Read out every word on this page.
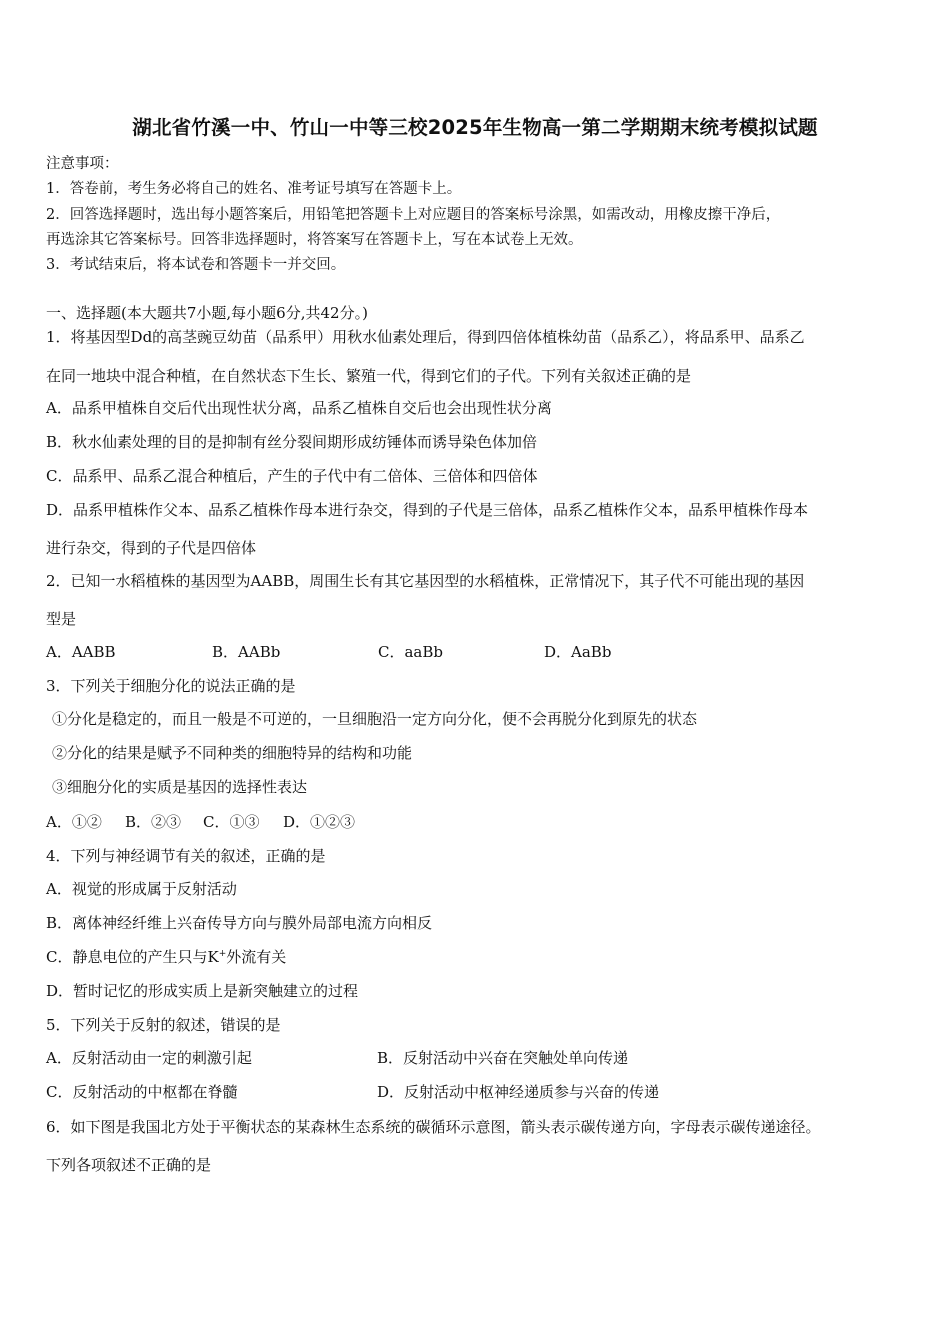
湖北省竹溪一中、竹山一中等三校2025年生物高一第二学期期末统考模拟试题
注意事项：
1．答卷前，考生务必将自己的姓名、准考证号填写在答题卡上。
2．回答选择题时，选出每小题答案后，用铅笔把答题卡上对应题目的答案标号涂黑，如需改动，用橡皮擦干净后，
再选涂其它答案标号。回答非选择题时，将答案写在答题卡上，写在本试卷上无效。
3．考试结束后，将本试卷和答题卡一并交回。
一、选择题(本大题共7小题,每小题6分,共42分。)
1．将基因型Dd的高茎豌豆幼苗（品系甲）用秋水仙素处理后，得到四倍体植株幼苗（品系乙），将品系甲、品系乙
在同一地块中混合种植，在自然状态下生长、繁殖一代，得到它们的子代。下列有关叙述正确的是
A．品系甲植株自交后代出现性状分离，品系乙植株自交后也会出现性状分离
B．秋水仙素处理的目的是抑制有丝分裂间期形成纺锤体而诱导染色体加倍
C．品系甲、品系乙混合种植后，产生的子代中有二倍体、三倍体和四倍体
D．品系甲植株作父本、品系乙植株作母本进行杂交，得到的子代是三倍体，品系乙植株作父本，品系甲植株作母本
进行杂交，得到的子代是四倍体
2．已知一水稻植株的基因型为AABB，周围生长有其它基因型的水稻植株，正常情况下，其子代不可能出现的基因
型是
A．AABB	B．AABb	C．aaBb	D．AaBb
3．下列关于细胞分化的说法正确的是
①分化是稳定的，而且一般是不可逆的，一旦细胞沿一定方向分化，便不会再脱分化到原先的状态
②分化的结果是赋予不同种类的细胞特异的结构和功能
③细胞分化的实质是基因的选择性表达
A．①② B．②③ C．①③ D．①②③
4．下列与神经调节有关的叙述，正确的是
A．视觉的形成属于反射活动
B．离体神经纤维上兴奋传导方向与膜外局部电流方向相反
C．静息电位的产生只与K+外流有关
D．暂时记忆的形成实质上是新突触建立的过程
5．下列关于反射的叙述，错误的是
A．反射活动由一定的刺激引起	B．反射活动中兴奋在突触处单向传递
C．反射活动的中枢都在脊髓	D．反射活动中枢神经递质参与兴奋的传递
6．如下图是我国北方处于平衡状态的某森林生态系统的碳循环示意图，箭头表示碳传递方向，字母表示碳传递途径。
下列各项叙述不正确的是
